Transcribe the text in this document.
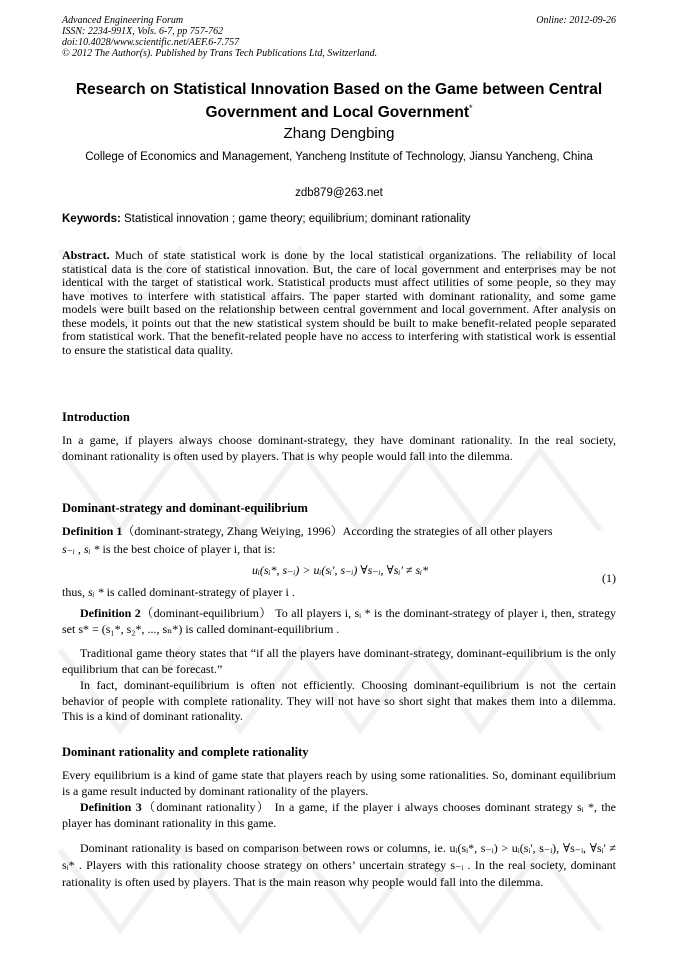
Advanced Engineering Forum
ISSN: 2234-991X, Vols. 6-7, pp 757-762
doi:10.4028/www.scientific.net/AEF.6-7.757
© 2012 The Author(s). Published by Trans Tech Publications Ltd, Switzerland.
Online: 2012-09-26
Research on Statistical Innovation Based on the Game between Central Government and Local Government*
Zhang Dengbing
College of Economics and Management, Yancheng Institute of Technology, Jiansu Yancheng, China
zdb879@263.net
Keywords: Statistical innovation ; game theory; equilibrium; dominant rationality
Abstract. Much of state statistical work is done by the local statistical organizations. The reliability of local statistical data is the core of statistical innovation. But, the care of local government and enterprises may be not identical with the target of statistical work. Statistical products must affect utilities of some people, so they may have motives to interfere with statistical affairs. The paper started with dominant rationality, and some game models were built based on the relationship between central government and local government. After analysis on these models, it points out that the new statistical system should be built to make benefit-related people separated from statistical work. That the benefit-related people have no access to interfering with statistical work is essential to ensure the statistical data quality.
Introduction
In a game, if players always choose dominant-strategy, they have dominant rationality. In the real society, dominant rationality is often used by players. That is why people would fall into the dilemma.
Dominant-strategy and dominant-equilibrium
Definition 1（dominant-strategy, Zhang Weiying, 1996）According the strategies of all other players
s₋ᵢ , sᵢ * is the best choice of player i, that is:
uᵢ(sᵢ*, s₋ᵢ) > uᵢ(sᵢ', s₋ᵢ) ∀s₋ᵢ, ∀sᵢ' ≠ sᵢ*
(1)
thus, sᵢ * is called dominant-strategy of player i .
Definition 2（dominant-equilibrium） To all players i, sᵢ * is the dominant-strategy of player i, then, strategy set s* = (s₁*, s₂*, ..., sₙ*) is called dominant-equilibrium .
Traditional game theory states that “if all the players have dominant-strategy, dominant-equilibrium is the only equilibrium that can be forecast.”
In fact, dominant-equilibrium is often not efficiently. Choosing dominant-equilibrium is not the certain behavior of people with complete rationality. They will not have so short sight that makes them into a dilemma. This is a kind of dominant rationality.
Dominant rationality and complete rationality
Every equilibrium is a kind of game state that players reach by using some rationalities. So, dominant equilibrium is a game result inducted by dominant rationality of the players.
Definition 3（dominant rationality） In a game, if the player i always chooses dominant strategy sᵢ *, the player has dominant rationality in this game.
Dominant rationality is based on comparison between rows or columns, ie. uᵢ(sᵢ*, s₋ᵢ) > uᵢ(sᵢ', s₋ᵢ), ∀s₋ᵢ, ∀sᵢ' ≠ sᵢ* . Players with this rationality choose strategy on others’ uncertain strategy s₋ᵢ . In the real society, dominant rationality is often used by players. That is the main reason why people would fall into the dilemma.
